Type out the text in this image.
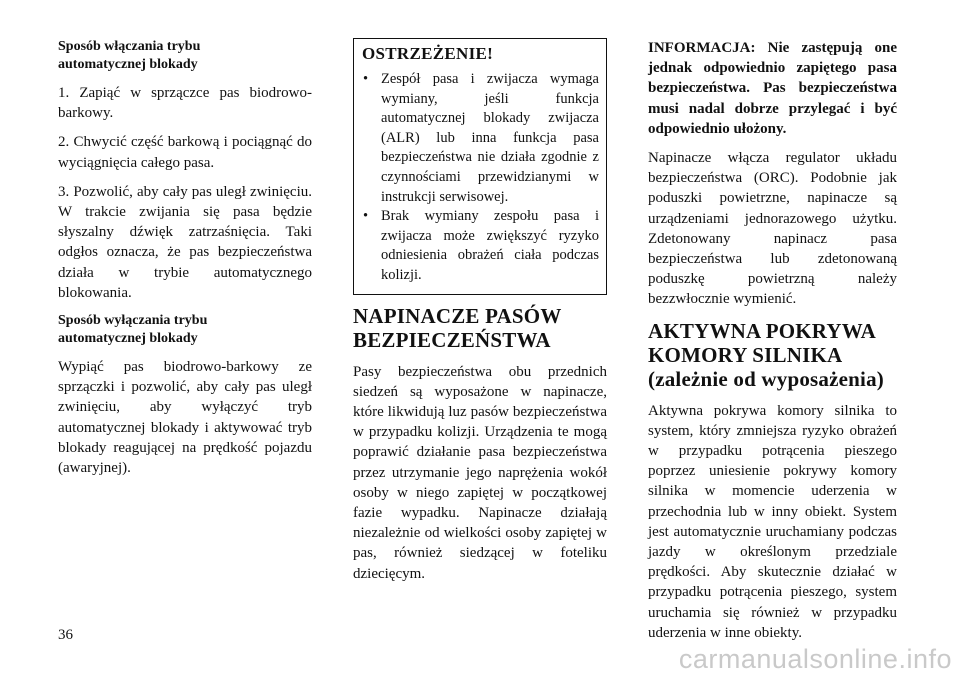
Sposób włączania trybu
automatycznej blokady

1. Zapiąć w sprzączce pas biodrowo-barkowy.

2. Chwycić część barkową i pociągnąć do wyciągnięcia całego pasa.

3. Pozwolić, aby cały pas uległ zwinięciu. W trakcie zwijania się pasa będzie słyszalny dźwięk zatrzaśnięcia. Taki odgłos oznacza, że pas bezpieczeństwa działa w trybie automatycznego blokowania.

Sposób wyłączania trybu
automatycznej blokady

Wypiąć pas biodrowo-barkowy ze sprzączki i pozwolić, aby cały pas uległ zwinięciu, aby wyłączyć tryb automatycznej blokady i aktywować tryb blokady reagującej na prędkość pojazdu (awaryjnej).

OSTRZEŻENIE!
• Zespół pasa i zwijacza wymaga wymiany, jeśli funkcja automatycznej blokady zwijacza (ALR) lub inna funkcja pasa bezpieczeństwa nie działa zgodnie z czynnościami przewidzianymi w instrukcji serwisowej.
• Brak wymiany zespołu pasa i zwijacza może zwiększyć ryzyko odniesienia obrażeń ciała podczas kolizji.
NAPINACZE PASÓW
BEZPIECZEŃSTWA

Pasy bezpieczeństwa obu przednich siedzeń są wyposażone w napinacze, które likwidują luz pasów bezpieczeństwa w przypadku kolizji. Urządzenia te mogą poprawić działanie pasa bezpieczeństwa przez utrzymanie jego naprężenia wokół osoby w niego zapiętej w początkowej fazie wypadku. Napinacze działają niezależnie od wielkości osoby zapiętej w pas, również siedzącej w foteliku dziecięcym.

INFORMACJA: Nie zastępują one jednak odpowiednio zapiętego pasa bezpieczeństwa. Pas bezpieczeństwa musi nadal dobrze przylegać i być odpowiednio ułożony.

Napinacze włącza regulator układu bezpieczeństwa (ORC). Podobnie jak poduszki powietrzne, napinacze są urządzeniami jednorazowego użytku. Zdetonowany napinacz pasa bezpieczeństwa lub zdetonowaną poduszkę powietrzną należy bezzwłocznie wymienić.

AKTYWNA POKRYWA
KOMORY SILNIKA
(zależnie od wyposażenia)

Aktywna pokrywa komory silnika to system, który zmniejsza ryzyko obrażeń w przypadku potrącenia pieszego poprzez uniesienie pokrywy komory silnika w momencie uderzenia w przechodnia lub w inny obiekt. System jest automatycznie uruchamiany podczas jazdy w określonym przedziale prędkości. Aby skutecznie działać w przypadku potrącenia pieszego, system uruchamia się również w przypadku uderzenia w inne obiekty.

36
carmanualsonline.info
